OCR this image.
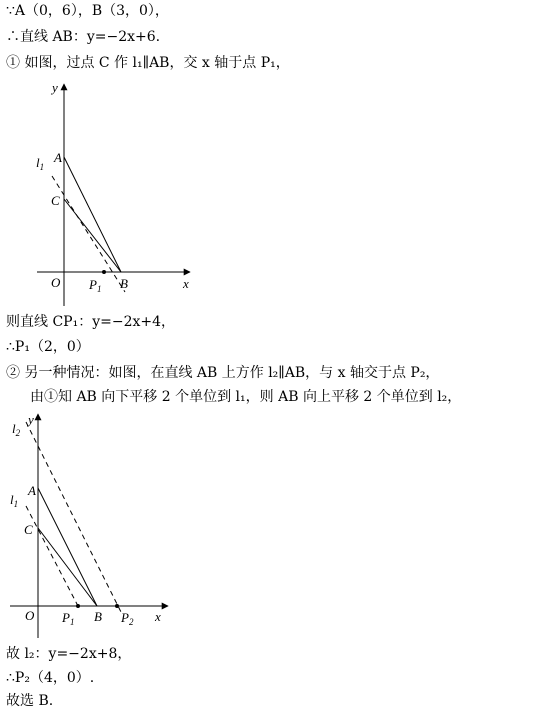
∵A（0，6），B（3，0），
∴直线 AB：y=−2x+6.
① 如图，过点 C 作 l₁∥AB，交 x 轴于点 P₁，
y
x
O
A
C
B
$P_1$
$l_1$
则直线 CP₁：y=−2x+4，
∴P₁（2，0）
② 另一种情况：如图，在直线 AB 上方作 l₂∥AB，与 x 轴交于点 P₂，
由①知 AB 向下平移 2 个单位到 l₁，则 AB 向上平移 2 个单位到 l₂，
y
x
O
A
C
B
$P_1$	$P_2$
$l_1$
$l_2$
故 l₂：y=−2x+8，
∴P₂（4，0）.
故选 B.
